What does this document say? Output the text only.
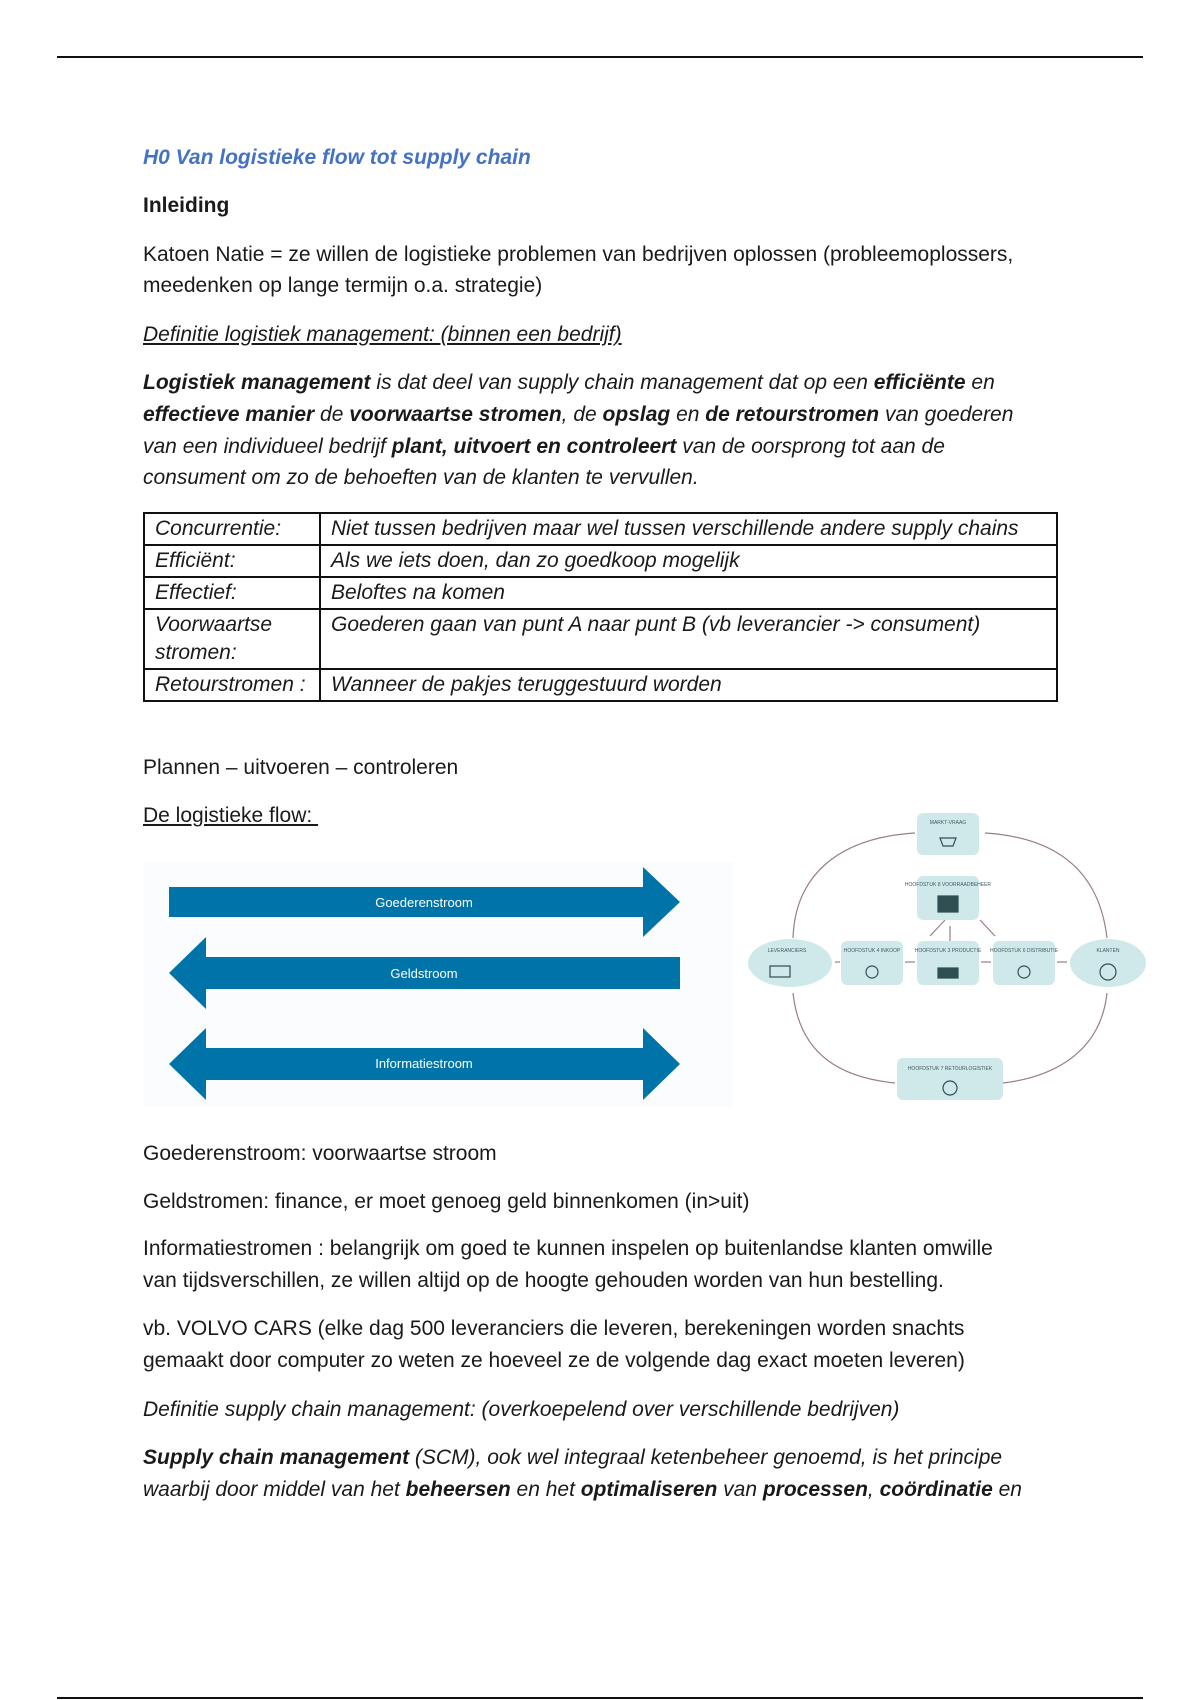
H0 Van logistieke flow tot supply chain

Inleiding

Katoen Natie = ze willen de logistieke problemen van bedrijven oplossen (probleemoplossers,

meedenken op lange termijn o.a. strategie)

Definitie logistiek management: (binnen een bedrijf)

Logistiek management is dat deel van supply chain management dat op een efficiënte en

effectieve manier de voorwaartse stromen, de opslag en de retourstromen van goederen

van een individueel bedrijf plant, uitvoert en controleert van de oorsprong tot aan de

consument om zo de behoeften van de klanten te vervullen.

Concurrentie:	Niet tussen bedrijven maar wel tussen verschillende andere supply chains
Efficiënt:	Als we iets doen, dan zo goedkoop mogelijk
Effectief:	Beloftes na komen
Voorwaartse stromen:	Goederen gaan van punt A naar punt B (vb leverancier -> consument)
Retourstromen :	Wanneer de pakjes teruggestuurd worden

Plannen – uitvoeren – controleren

De logistieke flow:

Goederenstroom
Geldstroom
Informatiestroom
MARKT-VRAAG
HOOFDSTUK 8 VOORRAADBEHEER
LEVERANCIERS	HOOFDSTUK 4 INKOOP	HOOFDSTUK 3 PRODUCTIE HOOFDSTUK 6 DISTRIBUTIE	KLANTEN
HOOFDSTUK 7 RETOURLOGISTIEK

Goederenstroom: voorwaartse stroom

Geldstromen: finance, er moet genoeg geld binnenkomen (in>uit)

Informatiestromen : belangrijk om goed te kunnen inspelen op buitenlandse klanten omwille

van tijdsverschillen, ze willen altijd op de hoogte gehouden worden van hun bestelling.

vb. VOLVO CARS (elke dag 500 leveranciers die leveren, berekeningen worden snachts

gemaakt door computer zo weten ze hoeveel ze de volgende dag exact moeten leveren)

Definitie supply chain management: (overkoepelend over verschillende bedrijven)

Supply chain management (SCM), ook wel integraal ketenbeheer genoemd, is het principe

waarbij door middel van het beheersen en het optimaliseren van processen, coördinatie en
